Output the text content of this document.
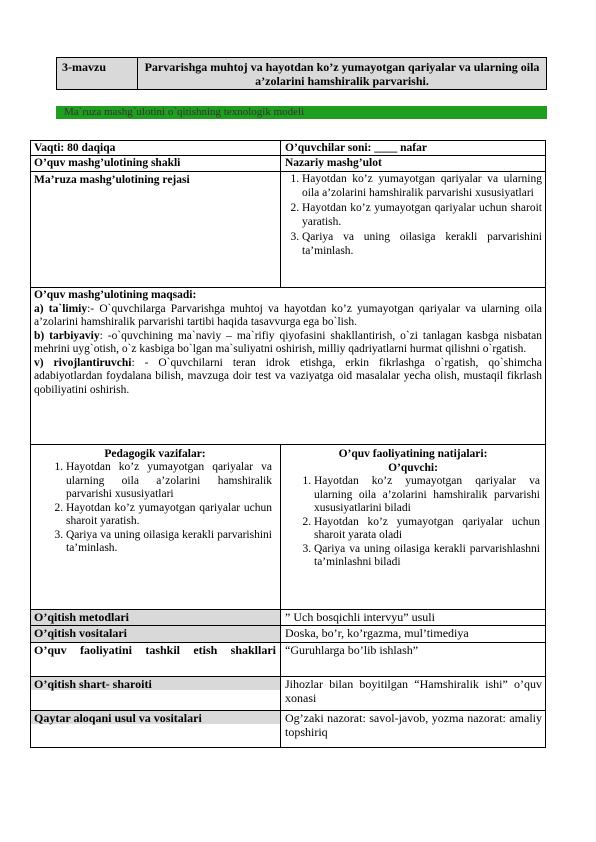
3-mavzu	Parvarishga muhtoj va hayotdan ko’z yumayotgan qariyalar va ularning oila a’zolarini hamshiralik parvarishi.
Ma`ruza mashg`ulotini o`qitishning texnologik modeli
Vaqti: 80 daqiqa	O’quvchilar soni: ____ nafar
O’quv mashg’ulotining shakli	Nazariy mashg’ulot
Ma’ruza mashg’ulotining rejasi
1.	Hayotdan ko’z yumayotgan qariyalar va ularning oila a’zolarini hamshiralik parvarishi xususiyatlari
2. Hayotdan ko’z yumayotgan qariyalar uchun sharoit yaratish.
3. Qariya va uning oilasiga kerakli parvarishini ta’minlash.
O’quv mashg’ulotining maqsadi:
a) ta`limiy:- O`quvchilarga Parvarishga muhtoj va hayotdan ko’z yumayotgan qariyalar va ularning oila a’zolarini hamshiralik parvarishi tartibi haqida tasavvurga ega bo`lish.
b) tarbiyaviy: -o`quvchining ma`naviy – ma`rifiy qiyofasini shakllantirish, o`zi tanlagan kasbga nisbatan mehrini uyg`otish, o`z kasbiga bo`lgan ma`suliyatni oshirish, milliy qadriyatlarni hurmat qilishni o`rgatish.
v) rivojlantiruvchi: - O`quvchilarni teran idrok etishga, erkin fikrlashga o`rgatish, qo`shimcha adabiyotlardan foydalana bilish, mavzuga doir test va vaziyatga oid masalalar yecha olish, mustaqil fikrlash qobiliyatini oshirish.
Pedagogik vazifalar:
1. Hayotdan ko’z yumayotgan qariyalar va ularning oila a’zolarini hamshiralik parvarishi xususiyatlari
2. Hayotdan ko’z yumayotgan qariyalar uchun sharoit yaratish.
3. Qariya va uning oilasiga kerakli parvarishini ta’minlash.
O’quv faoliyatining natijalari:
O’quvchi:
1. Hayotdan ko’z yumayotgan qariyalar va ularning oila a’zolarini hamshiralik parvarishi xususiyatlarini biladi
2. Hayotdan ko’z yumayotgan qariyalar uchun sharoit yarata oladi
3. Qariya va uning oilasiga kerakli parvarishlashni ta’minlashni biladi
O’qitish metodlari	” Uch bosqichli intervyu” usuli
O’qitish vositalari	Doska, bo’r, ko’rgazma, mul’timediya
O’quv faoliyatini tashkil etish shakllari “Guruhlarga bo’lib ishlash”
O’qitish shart- sharoiti	Jihozlar bilan boyitilgan “Hamshiralik ishi” o’quv xonasi
Qaytar aloqani usul va vositalari	Og’zaki nazorat: savol-javob, yozma nazorat: amaliy topshiriq
